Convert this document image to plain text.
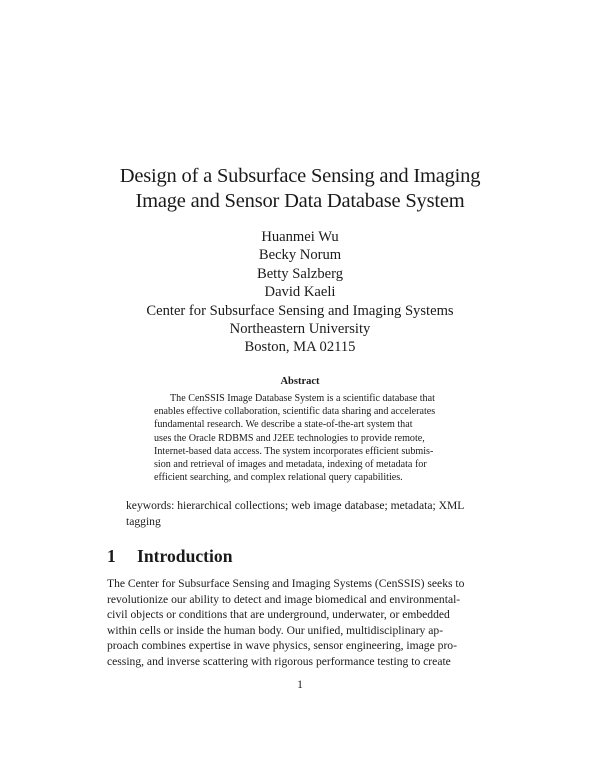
Design of a Subsurface Sensing and Imaging
Image and Sensor Data Database System
Huanmei Wu
Becky Norum
Betty Salzberg
David Kaeli
Center for Subsurface Sensing and Imaging Systems
Northeastern University
Boston, MA 02115
Abstract
The CenSSIS Image Database System is a scientific database that
enables effective collaboration, scientific data sharing and accelerates
fundamental research. We describe a state-of-the-art system that
uses the Oracle RDBMS and J2EE technologies to provide remote,
Internet-based data access. The system incorporates efficient submis-
sion and retrieval of images and metadata, indexing of metadata for
efficient searching, and complex relational query capabilities.
keywords: hierarchical collections; web image database; metadata; XML
tagging
1 Introduction
The Center for Subsurface Sensing and Imaging Systems (CenSSIS) seeks to
revolutionize our ability to detect and image biomedical and environmental-
civil objects or conditions that are underground, underwater, or embedded
within cells or inside the human body. Our unified, multidisciplinary ap-
proach combines expertise in wave physics, sensor engineering, image pro-
cessing, and inverse scattering with rigorous performance testing to create
1
